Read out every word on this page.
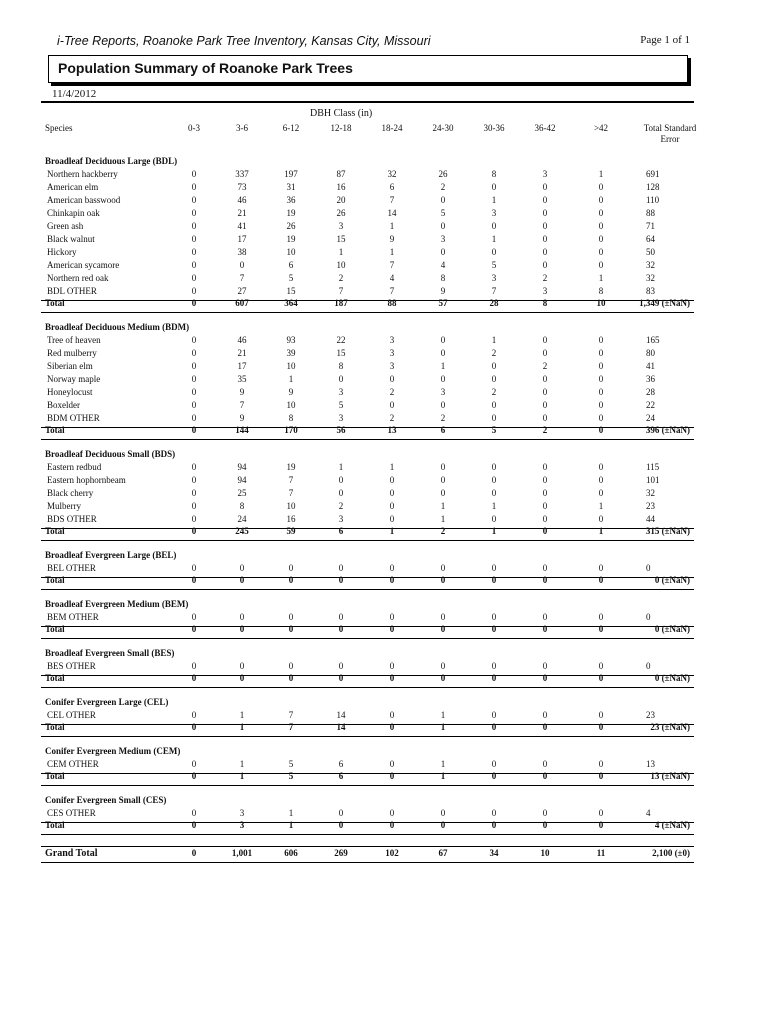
i-Tree Reports, Roanoke Park Tree Inventory, Kansas City, Missouri	Page 1 of 1
Population Summary of Roanoke Park Trees
11/4/2012
DBH Class (in)
Species	0-3	3-6	6-12	12-18	18-24	24-30	30-36	36-42	>42	Total Standard Error
Broadleaf Deciduous Large (BDL)
Northern hackberry	0	337	197	87	32	26	8	3	1	691
American elm	0	73	31	16	6	2	0	0	0	128
American basswood	0	46	36	20	7	0	1	0	0	110
Chinkapin oak	0	21	19	26	14	5	3	0	0	88
Green ash	0	41	26	3	1	0	0	0	0	71
Black walnut	0	17	19	15	9	3	1	0	0	64
Hickory	0	38	10	1	1	0	0	0	0	50
American sycamore	0	0	6	10	7	4	5	0	0	32
Northern red oak	0	7	5	2	4	8	3	2	1	32
BDL OTHER	0	27	15	7	7	9	7	3	8	83
Total	0	607	364	187	88	57	28	8	10	1,349 (±NaN)
Broadleaf Deciduous Medium (BDM)
Tree of heaven	0	46	93	22	3	0	1	0	0	165
Red mulberry	0	21	39	15	3	0	2	0	0	80
Siberian elm	0	17	10	8	3	1	0	2	0	41
Norway maple	0	35	1	0	0	0	0	0	0	36
Honeylocust	0	9	9	3	2	3	2	0	0	28
Boxelder	0	7	10	5	0	0	0	0	0	22
BDM OTHER	0	9	8	3	2	2	0	0	0	24
Total	0	144	170	56	13	6	5	2	0	396 (±NaN)
Broadleaf Deciduous Small (BDS)
Eastern redbud	0	94	19	1	1	0	0	0	0	115
Eastern hophornbeam	0	94	7	0	0	0	0	0	0	101
Black cherry	0	25	7	0	0	0	0	0	0	32
Mulberry	0	8	10	2	0	1	1	0	1	23
BDS OTHER	0	24	16	3	0	1	0	0	0	44
Total	0	245	59	6	1	2	1	0	1	315 (±NaN)
Broadleaf Evergreen Large (BEL)
BEL OTHER	0	0	0	0	0	0	0	0	0	0
Total	0	0	0	0	0	0	0	0	0	0 (±NaN)
Broadleaf Evergreen Medium (BEM)
BEM OTHER	0	0	0	0	0	0	0	0	0	0
Total	0	0	0	0	0	0	0	0	0	0 (±NaN)
Broadleaf Evergreen Small (BES)
BES OTHER	0	0	0	0	0	0	0	0	0	0
Total	0	0	0	0	0	0	0	0	0	0 (±NaN)
Conifer Evergreen Large (CEL)
CEL OTHER	0	1	7	14	0	1	0	0	0	23
Total	0	1	7	14	0	1	0	0	0	23 (±NaN)
Conifer Evergreen Medium (CEM)
CEM OTHER	0	1	5	6	0	1	0	0	0	13
Total	0	1	5	6	0	1	0	0	0	13 (±NaN)
Conifer Evergreen Small (CES)
CES OTHER	0	3	1	0	0	0	0	0	0	4
Total	0	3	1	0	0	0	0	0	0	4 (±NaN)
Grand Total	0	1,001	606	269	102	67	34	10	11	2,100 (±0)
